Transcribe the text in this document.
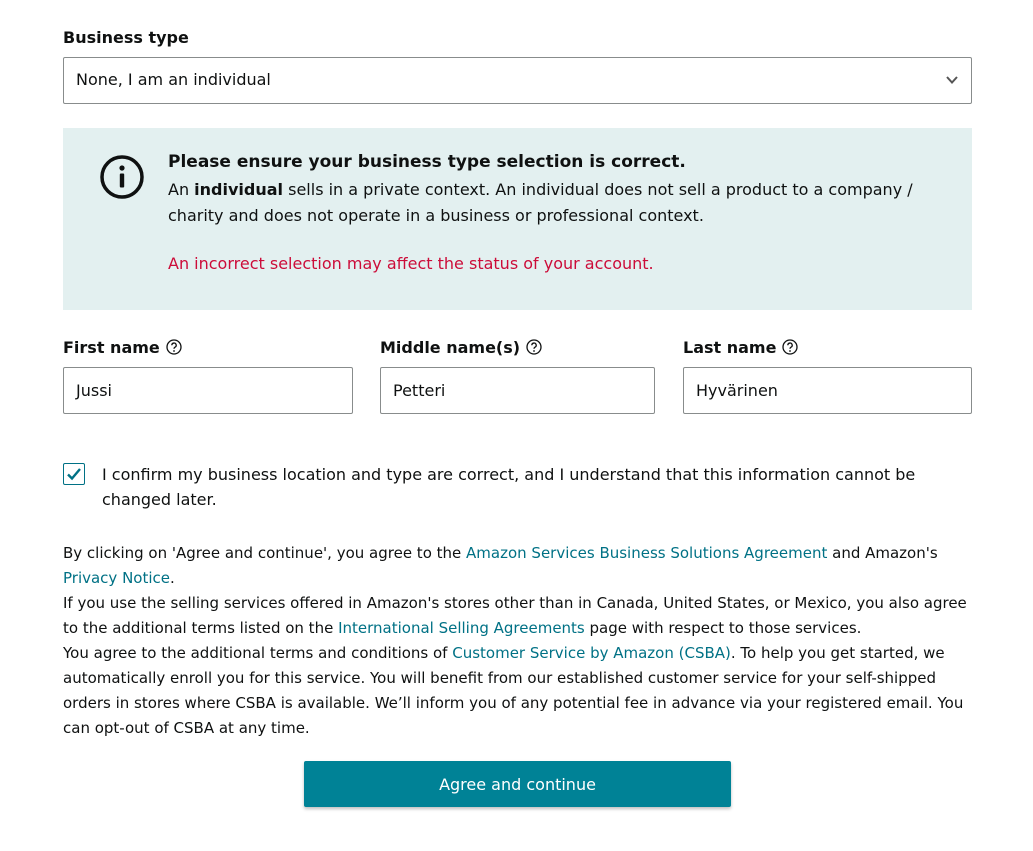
Business type
None, I am an individual
Please ensure your business type selection is correct.
An individual sells in a private context. An individual does not sell a product to a company / charity and does not operate in a business or professional context.
An incorrect selection may affect the status of your account.
First name
Jussi
Middle name(s)
Petteri
Last name
Hyvärinen
I confirm my business location and type are correct, and I understand that this information cannot be changed later.

By clicking on 'Agree and continue', you agree to the Amazon Services Business Solutions Agreement and Amazon's Privacy Notice.

If you use the selling services offered in Amazon's stores other than in Canada, United States, or Mexico, you also agree to the additional terms listed on the International Selling Agreements page with respect to those services.

You agree to the additional terms and conditions of Customer Service by Amazon (CSBA). To help you get started, we automatically enroll you for this service. You will benefit from our established customer service for your self-shipped orders in stores where CSBA is available. We’ll inform you of any potential fee in advance via your registered email. You can opt-out of CSBA at any time.

Agree and continue
